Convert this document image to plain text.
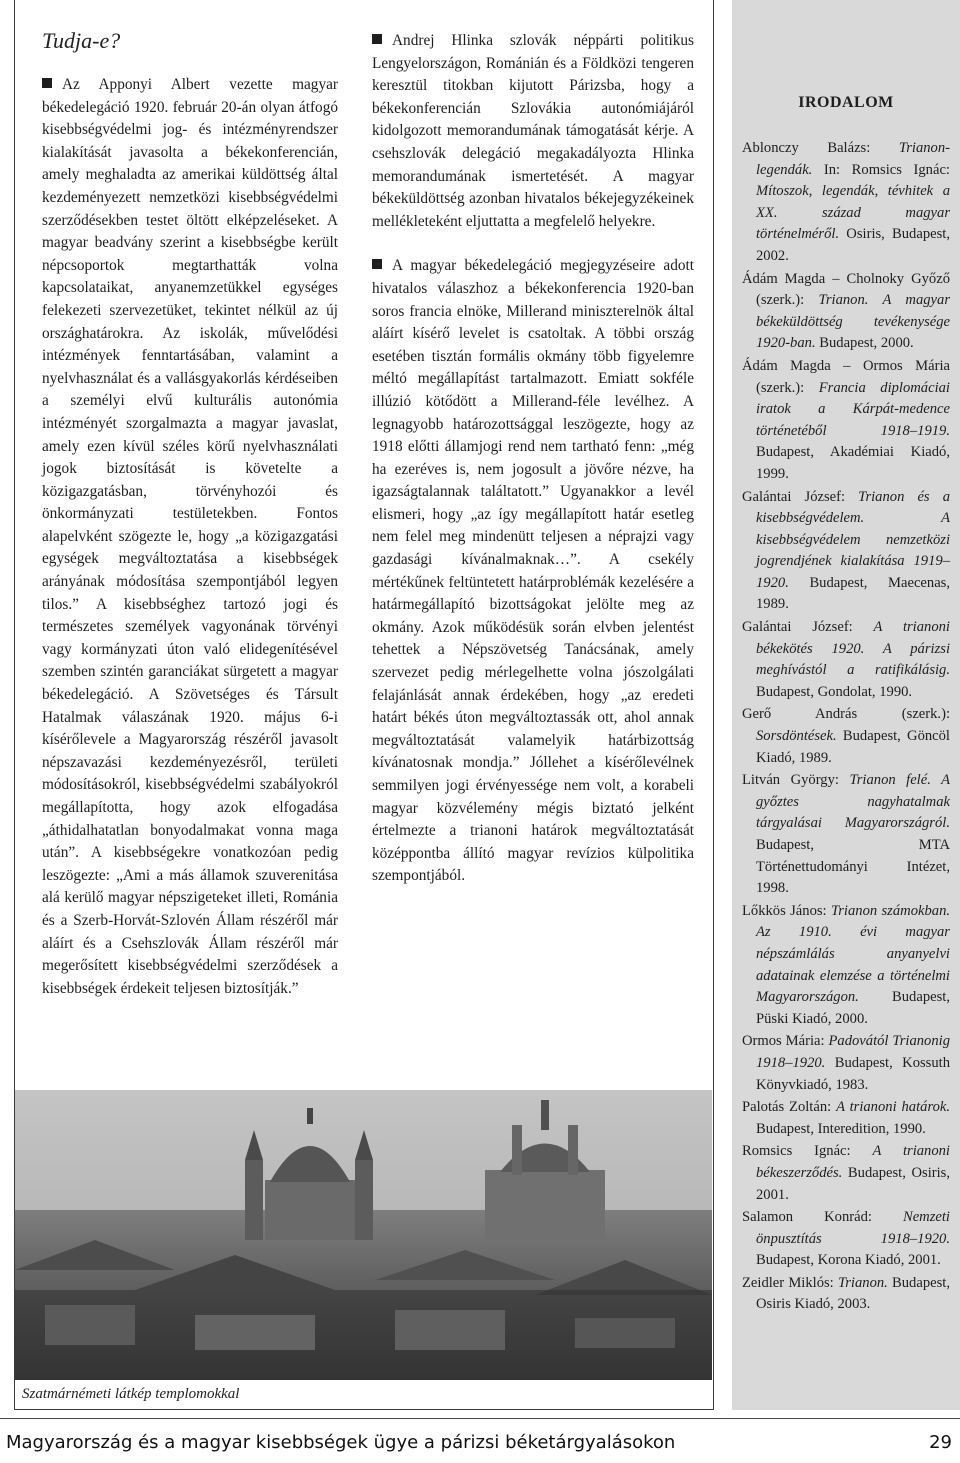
Tudja-e?

Az Apponyi Albert vezette magyar békedelegáció 1920. február 20-án olyan átfogó kisebbségvédelmi jog- és intézményrendszer kialakítását javasolta a békekonferencián, amely meghaladta az amerikai küldöttség által kezdeményezett nemzetközi kisebbségvédelmi szerződésekben testet öltött elképzeléseket. A magyar beadvány szerint a kisebbségbe került népcsoportok megtarthatták volna kapcsolataikat, anyanemzetükkel egységes felekezeti szervezetüket, tekintet nélkül az új országhatárokra. Az iskolák, művelődési intézmények fenntartásában, valamint a nyelvhasználat és a vallásgyakorlás kérdéseiben a személyi elvű kulturális autonómia intézményét szorgalmazta a magyar javaslat, amely ezen kívül széles körű nyelvhasználati jogok biztosítását is követelte a közigazgatásban, törvényhozói és önkormányzati testületekben. Fontos alapelvként szögezte le, hogy „a közigazgatási egységek megváltoztatása a kisebbségek arányának módosítása szempontjából legyen tilos.” A kisebbséghez tartozó jogi és természetes személyek vagyonának törvényi vagy kormányzati úton való elidegenítésével szemben szintén garanciákat sürgetett a magyar békedelegáció. A Szövetséges és Társult Hatalmak válaszának 1920. május 6-i kísérőlevele a Magyarország részéről javasolt népszavazási kezdeményezésről, területi módosításokról, kisebbségvédelmi szabályokról megállapította, hogy azok elfogadása „áthidalhatatlan bonyodalmakat vonna maga után”. A kisebbségekre vonatkozóan pedig leszögezte: „Ami a más államok szuverenitása alá kerülő magyar népszigeteket illeti, Románia és a Szerb-Horvát-Szlovén Állam részéről már aláírt és a Csehszlovák Állam részéről már megerősített kisebbségvédelmi szerződések a kisebbségek érdekeit teljesen biztosítják.”

Andrej Hlinka szlovák néppárti politikus Lengyelországon, Románián és a Földközi tengeren keresztül titokban kijutott Párizsba, hogy a békekonferencián Szlovákia autonómiájáról kidolgozott memorandumának támogatását kérje. A csehszlovák delegáció megakadályozta Hlinka memorandumának ismertetését. A magyar békeküldöttség azonban hivatalos békejegyzékeinek mellékleteként eljuttatta a megfelelő helyekre.

A magyar békedelegáció megjegyzéseire adott hivatalos válaszhoz a békekonferencia 1920-ban soros francia elnöke, Millerand miniszterelnök által aláírt kísérő levelet is csatoltak. A többi ország esetében tisztán formális okmány több figyelemre méltó megállapítást tartalmazott. Emiatt sokféle illúzió kötődött a Millerand-féle levélhez. A legnagyobb határozottsággal leszögezte, hogy az 1918 előtti államjogi rend nem tartható fenn: „még ha ezeréves is, nem jogosult a jövőre nézve, ha igazságtalannak találtatott.” Ugyanakkor a levél elismeri, hogy „az így megállapított határ esetleg nem felel meg mindenütt teljesen a néprajzi vagy gazdasági kívánalmaknak…”. A csekély mértékűnek feltüntetett határproblémák kezelésére a határmegállapító bizottságokat jelölte meg az okmány. Azok működésük során elvben jelentést tehettek a Népszövetség Tanácsának, amely szervezet pedig mérlegelhette volna jószolgálati felajánlását annak érdekében, hogy „az eredeti határt békés úton megváltoztassák ott, ahol annak megváltoztatását valamelyik határbizottság kívánatosnak mondja.” Jóllehet a kísérőlevélnek semmilyen jogi érvényessége nem volt, a korabeli magyar közvélemény mégis biztató jelként értelmezte a trianoni határok megváltoztatását középpontba állító magyar revízios külpolitika szempontjából.

Szatmárnémeti látkép templomokkal
IRODALOM

Ablonczy Balázs: Trianon-legendák. In: Romsics Ignác: Mítoszok, legendák, tévhitek a XX. század magyar történelméről. Osiris, Budapest, 2002.

Ádám Magda – Cholnoky Győző (szerk.): Trianon. A magyar békeküldöttség tevékenysége 1920-ban. Budapest, 2000.

Ádám Magda – Ormos Mária (szerk.): Francia diplomáciai iratok a Kárpát-medence történetéből 1918–1919. Budapest, Akadémiai Kiadó, 1999.

Galántai József: Trianon és a kisebbségvédelem. A kisebbségvédelem nemzetközi jogrendjének kialakítása 1919–1920. Budapest, Maecenas, 1989.

Galántai József: A trianoni békekötés 1920. A párizsi meghívástól a ratifikálásig. Budapest, Gondolat, 1990.

Gerő András (szerk.): Sorsdöntések. Budapest, Göncöl Kiadó, 1989.

Litván György: Trianon felé. A győztes nagyhatalmak tárgyalásai Magyarországról. Budapest, MTA Történettudományi Intézet, 1998.

Lőkkös János: Trianon számokban. Az 1910. évi magyar népszámlálás anyanyelvi adatainak elemzése a történelmi Magyarországon. Budapest, Püski Kiadó, 2000.

Ormos Mária: Padovától Trianonig 1918–1920. Budapest, Kossuth Könyvkiadó, 1983.

Palotás Zoltán: A trianoni határok. Budapest, Interedition, 1990.

Romsics Ignác: A trianoni békeszerződés. Budapest, Osiris, 2001.

Salamon Konrád: Nemzeti önpusztítás 1918–1920. Budapest, Korona Kiadó, 2001.

Zeidler Miklós: Trianon. Budapest, Osiris Kiadó, 2003.

Magyarország és a magyar kisebbségek ügye a párizsi béketárgyalásokon	29
